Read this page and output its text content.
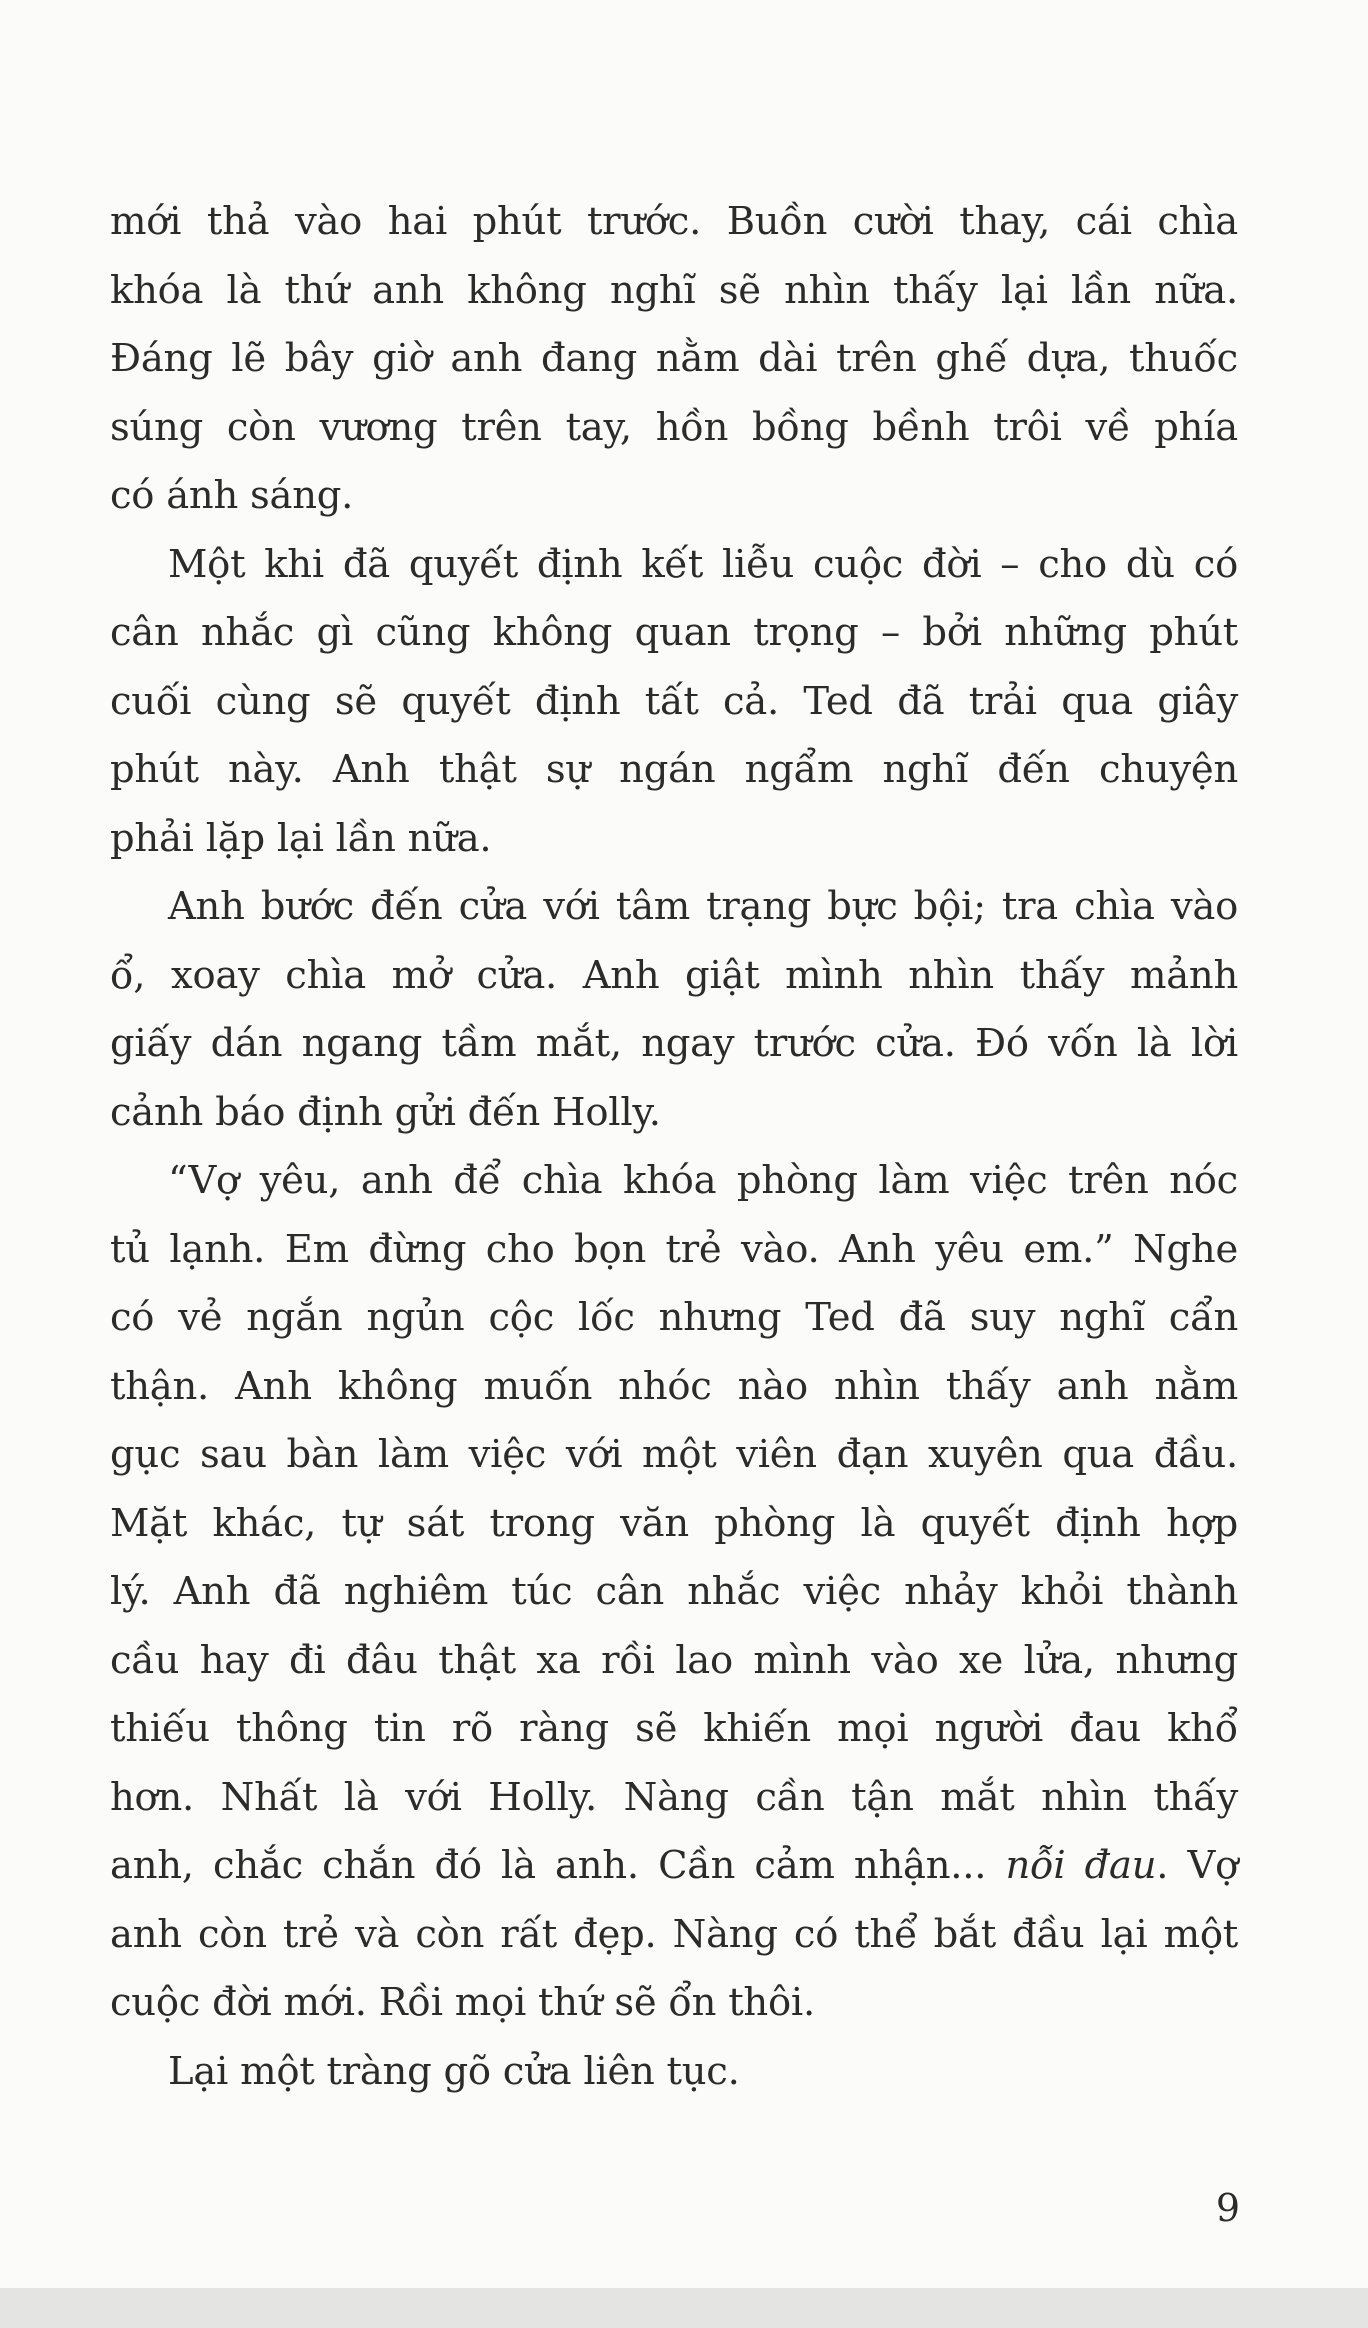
mới thả vào hai phút trước. Buồn cười thay, cái chìa
khóa là thứ anh không nghĩ sẽ nhìn thấy lại lần nữa.
Đáng lẽ bây giờ anh đang nằm dài trên ghế dựa, thuốc
súng còn vương trên tay, hồn bồng bềnh trôi về phía
có ánh sáng.
Một khi đã quyết định kết liễu cuộc đời – cho dù có
cân nhắc gì cũng không quan trọng – bởi những phút
cuối cùng sẽ quyết định tất cả. Ted đã trải qua giây
phút này. Anh thật sự ngán ngẩm nghĩ đến chuyện
phải lặp lại lần nữa.
Anh bước đến cửa với tâm trạng bực bội; tra chìa vào
ổ, xoay chìa mở cửa. Anh giật mình nhìn thấy mảnh
giấy dán ngang tầm mắt, ngay trước cửa. Đó vốn là lời
cảnh báo định gửi đến Holly.
“Vợ yêu, anh để chìa khóa phòng làm việc trên nóc
tủ lạnh. Em đừng cho bọn trẻ vào. Anh yêu em.” Nghe
có vẻ ngắn ngủn cộc lốc nhưng Ted đã suy nghĩ cẩn
thận. Anh không muốn nhóc nào nhìn thấy anh nằm
gục sau bàn làm việc với một viên đạn xuyên qua đầu.
Mặt khác, tự sát trong văn phòng là quyết định hợp
lý. Anh đã nghiêm túc cân nhắc việc nhảy khỏi thành
cầu hay đi đâu thật xa rồi lao mình vào xe lửa, nhưng
thiếu thông tin rõ ràng sẽ khiến mọi người đau khổ
hơn. Nhất là với Holly. Nàng cần tận mắt nhìn thấy
anh, chắc chắn đó là anh. Cần cảm nhận... nỗi đau. Vợ
anh còn trẻ và còn rất đẹp. Nàng có thể bắt đầu lại một
cuộc đời mới. Rồi mọi thứ sẽ ổn thôi.
Lại một tràng gõ cửa liên tục.
9
